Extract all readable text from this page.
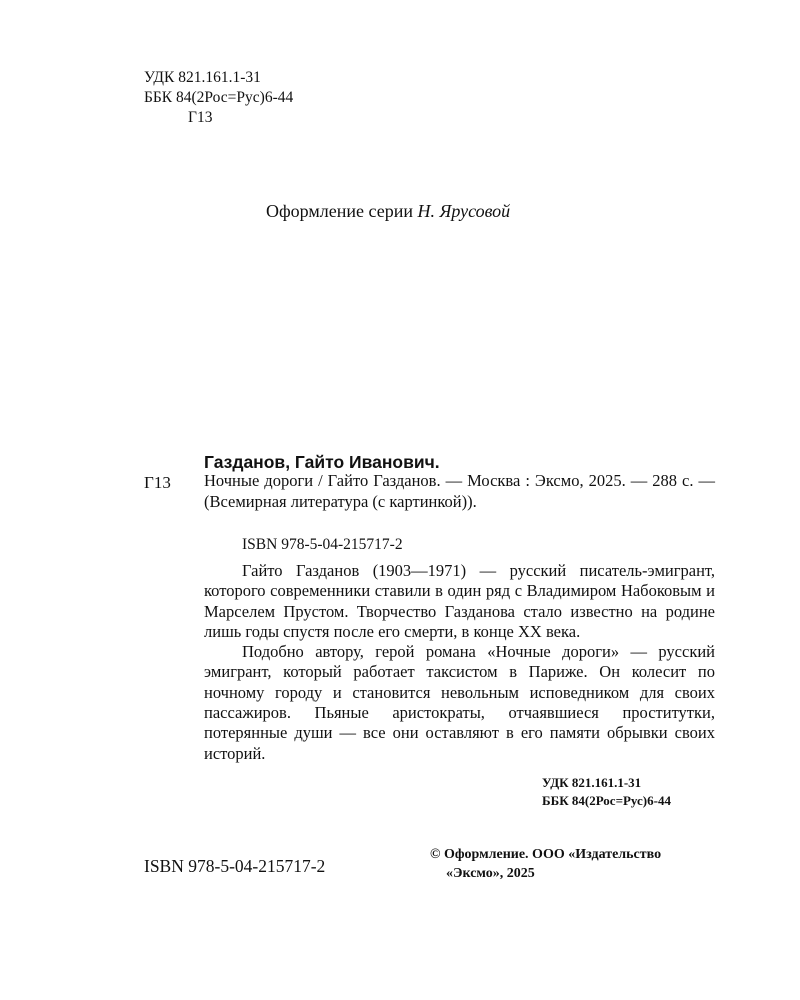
УДК 821.161.1-31
ББК 84(2Рос=Рус)6-44
Г13
Оформление серии Н. Ярусовой
Газданов, Гайто Иванович.
Г13 Ночные дороги / Гайто Газданов. — Москва : Эксмо, 2025. — 288 с. — (Всемирная литература (с картинкой)).
ISBN 978-5-04-215717-2

Гайто Газданов (1903—1971) — русский писатель-эмигрант, которого современники ставили в один ряд с Владимиром Набоковым и Марселем Прустом. Творчество Газданова стало известно на родине лишь годы спустя после его смерти, в конце XX века.

Подобно автору, герой романа «Ночные дороги» — русский эмигрант, который работает таксистом в Париже. Он колесит по ночному городу и становится невольным исповедником для своих пассажиров. Пьяные аристократы, отчаявшиеся проститутки, потерянные души — все они оставляют в его памяти обрывки своих историй.

УДК 821.161.1-31
ББК 84(2Рос=Рус)6-44
ISBN 978-5-04-215717-2
© Оформление. ООО «Издательство
«Эксмо», 2025
